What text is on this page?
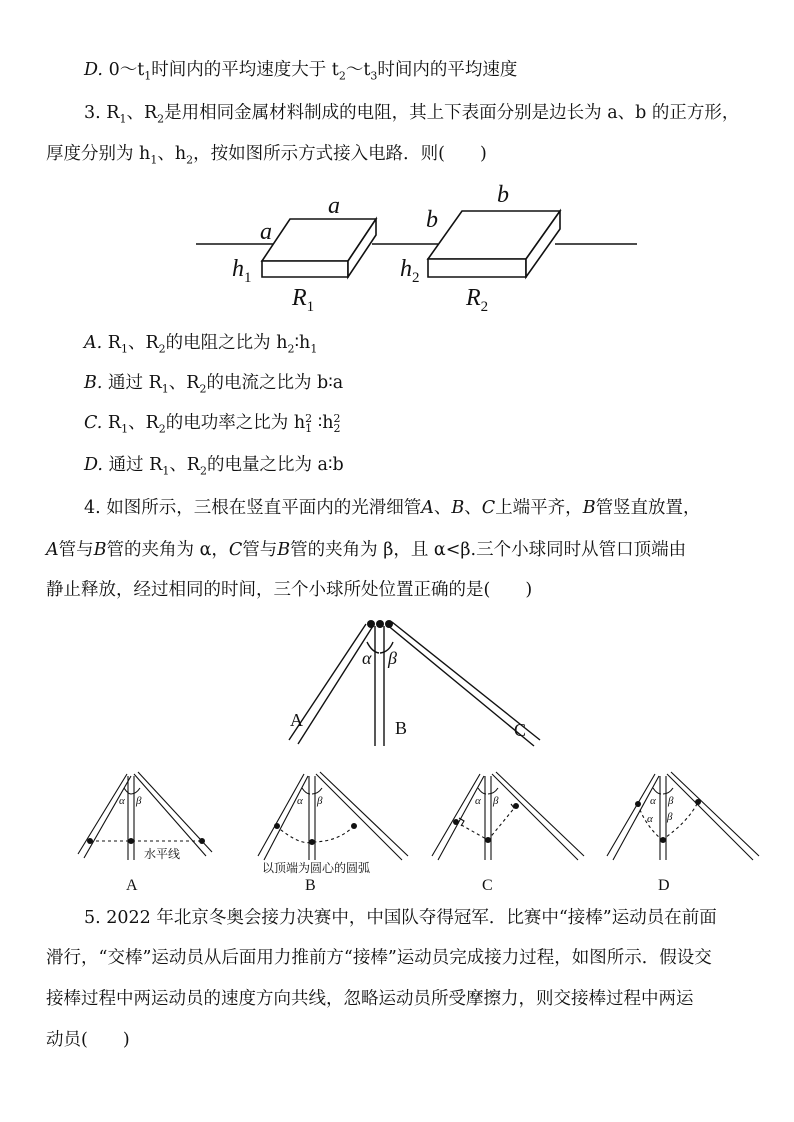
D. $0\sim t_1$时间内的平均速度大于 $t_2\sim t_3$时间内的平均速度
3. $R_1$、$R_2$是用相同金属材料制成的电阻，其上下表面分别是边长为 a、b 的正方形，
厚度分别为 $h_1$、$h_2$，按如图所示方式接入电路．则(　　)
a
a
$h_1$
$R_1$
b
b
$h_2$
$R_2$
A. $R_1$、$R_2$的电阻之比为 $h_2∶h_1$
B. 通过 $R_1$、$R_2$的电流之比为 b∶a
C. $R_1$、$R_2$的电功率之比为 h 2
1 ∶h 2
2
D. 通过 $R_1$、$R_2$的电量之比为 a∶b
4. 如图所示，三根在竖直平面内的光滑细管A、B、C上端平齐，B管竖直放置，
A管与B管的夹角为 α，C管与B管的夹角为 β，且 α<β.三个小球同时从管口顶端由
静止释放，经过相同的时间，三个小球所处位置正确的是(　　)
α β
A	B	C
α β	α β	α β	α β
α β
水平线
以顶端为圆心的圆弧
A	B	C	D
5. 2022 年北京冬奥会接力决赛中，中国队夺得冠军．比赛中“接棒”运动员在前面
滑行，“交棒”运动员从后面用力推前方“接棒”运动员完成接力过程，如图所示．假设交
接棒过程中两运动员的速度方向共线，忽略运动员所受摩擦力，则交接棒过程中两运
动员(　　)
